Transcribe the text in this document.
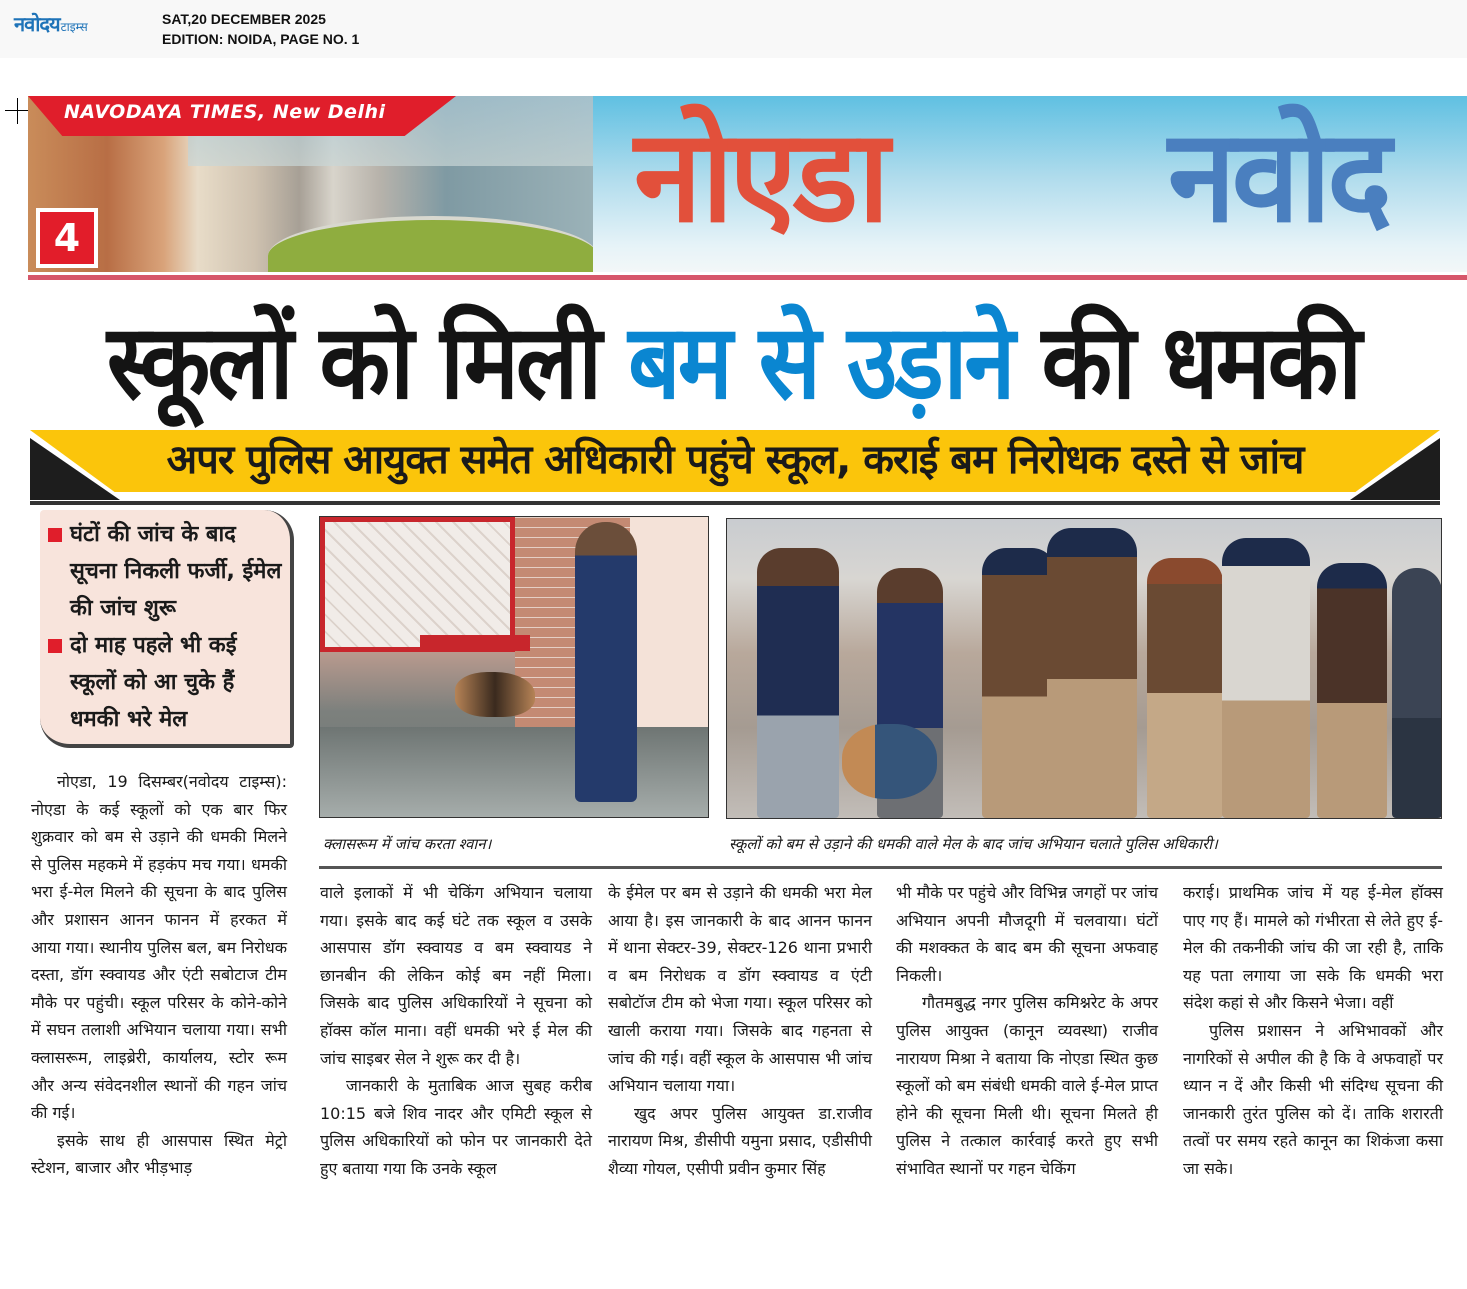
नवोदय टाइम्स	SAT,20 DECEMBER 2025
EDITION: NOIDA, PAGE NO. 1
नोएडा नवोद
NAVODAYA TIMES, New Delhi
4
स्कूलों को मिली बम से उड़ाने की धमकी
अपर पुलिस आयुक्त समेत अधिकारी पहुंचे स्कूल, कराई बम निरोधक दस्ते से जांच
घंटों की जांच के बाद सूचना निकली फर्जी, ईमेल की जांच शुरू
दो माह पहले भी कई स्कूलों को आ चुके हैं धमकी भरे मेल
क्लासरूम में जांच करता श्वान।	स्कूलों को बम से उड़ाने की धमकी वाले मेल के बाद जांच अभियान चलाते पुलिस अधिकारी।

नोएडा, 19 दिसम्बर(नवोदय टाइम्स): नोएडा के कई स्कूलों को एक बार फिर शुक्रवार को बम से उड़ाने की धमकी मिलने से पुलिस महकमे में हड़कंप मच गया। धमकी भरा ई-मेल मिलने की सूचना के बाद पुलिस और प्रशासन आनन फानन में हरकत में आया गया। स्थानीय पुलिस बल, बम निरोधक दस्ता, डॉग स्क्वायड और एंटी सबोटाज टीम मौके पर पहुंची। स्कूल परिसर के कोने-कोने में सघन तलाशी अभियान चलाया गया। सभी क्लासरूम, लाइब्रेरी, कार्यालय, स्टोर रूम और अन्य संवेदनशील स्थानों की गहन जांच की गई।

इसके साथ ही आसपास स्थित मेट्रो स्टेशन, बाजार और भीड़भाड़

वाले इलाकों में भी चेकिंग अभियान चलाया गया। इसके बाद कई घंटे तक स्कूल व उसके आसपास डॉग स्क्वायड व बम स्क्वायड ने छानबीन की लेकिन कोई बम नहीं मिला। जिसके बाद पुलिस अधिकारियों ने सूचना को हॉक्स कॉल माना। वहीं धमकी भरे ई मेल की जांच साइबर सेल ने शुरू कर दी है।

जानकारी के मुताबिक आज सुबह करीब 10:15 बजे शिव नादर और एमिटी स्कूल से पुलिस अधिकारियों को फोन पर जानकारी देते हुए बताया गया कि उनके स्कूल

के ईमेल पर बम से उड़ाने की धमकी भरा मेल आया है। इस जानकारी के बाद आनन फानन में थाना सेक्टर-39, सेक्टर-126 थाना प्रभारी व बम निरोधक व डॉग स्क्वायड व एंटी सबोटॉज टीम को भेजा गया। स्कूल परिसर को खाली कराया गया। जिसके बाद गहनता से जांच की गई। वहीं स्कूल के आसपास भी जांच अभियान चलाया गया।

खुद अपर पुलिस आयुक्त डा.राजीव नारायण मिश्र, डीसीपी यमुना प्रसाद, एडीसीपी शैव्या गोयल, एसीपी प्रवीन कुमार सिंह

भी मौके पर पहुंचे और विभिन्न जगहों पर जांच अभियान अपनी मौजदूगी में चलवाया। घंटों की मशक्कत के बाद बम की सूचना अफवाह निकली।

गौतमबुद्ध नगर पुलिस कमिश्नरेट के अपर पुलिस आयुक्त (कानून व्यवस्था) राजीव नारायण मिश्रा ने बताया कि नोएडा स्थित कुछ स्कूलों को बम संबंधी धमकी वाले ई-मेल प्राप्त होने की सूचना मिली थी। सूचना मिलते ही पुलिस ने तत्काल कार्रवाई करते हुए सभी संभावित स्थानों पर गहन चेकिंग

कराई। प्राथमिक जांच में यह ई-मेल हॉक्स पाए गए हैं। मामले को गंभीरता से लेते हुए ई-मेल की तकनीकी जांच की जा रही है, ताकि यह पता लगाया जा सके कि धमकी भरा संदेश कहां से और किसने भेजा। वहीं

पुलिस प्रशासन ने अभिभावकों और नागरिकों से अपील की है कि वे अफवाहों पर ध्यान न दें और किसी भी संदिग्ध सूचना की जानकारी तुरंत पुलिस को दें। ताकि शरारती तत्वों पर समय रहते कानून का शिकंजा कसा जा सके।
